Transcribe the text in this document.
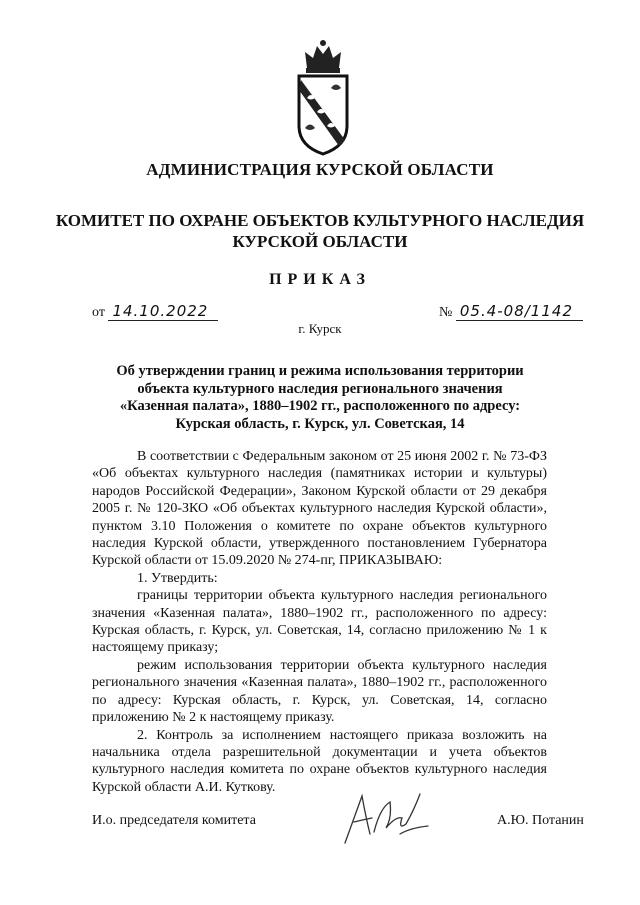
АДМИНИСТРАЦИЯ КУРСКОЙ ОБЛАСТИ
КОМИТЕТ ПО ОХРАНЕ ОБЪЕКТОВ КУЛЬТУРНОГО НАСЛЕДИЯ
КУРСКОЙ ОБЛАСТИ
ПРИКАЗ
от 14.10.2022	№ 05.4-08/1142
г. Курск
Об утверждении границ и режима использования территории
объекта культурного наследия регионального значения
«Казенная палата», 1880–1902 гг., расположенного по адресу:
Курская область, г. Курск, ул. Советская, 14

В соответствии с Федеральным законом от 25 июня 2002 г. № 73-ФЗ «Об объектах культурного наследия (памятниках истории и культуры) народов Российской Федерации», Законом Курской области от 29 декабря 2005 г. № 120-ЗКО «Об объектах культурного наследия Курской области», пунктом 3.10 Положения о комитете по охране объектов культурного наследия Курской области, утвержденного постановлением Губернатора Курской области от 15.09.2020 № 274-пг, ПРИКАЗЫВАЮ:

1. Утвердить:

границы территории объекта культурного наследия регионального значения «Казенная палата», 1880–1902 гг., расположенного по адресу: Курская область, г. Курск, ул. Советская, 14, согласно приложению № 1 к настоящему приказу;

режим использования территории объекта культурного наследия регионального значения «Казенная палата», 1880–1902 гг., расположенного по адресу: Курская область, г. Курск, ул. Советская, 14, согласно приложению № 2 к настоящему приказу.

2. Контроль за исполнением настоящего приказа возложить на начальника отдела разрешительной документации и учета объектов культурного наследия комитета по охране объектов культурного наследия Курской области А.И. Куткову.

И.о. председателя комитета	А.Ю. Потанин
